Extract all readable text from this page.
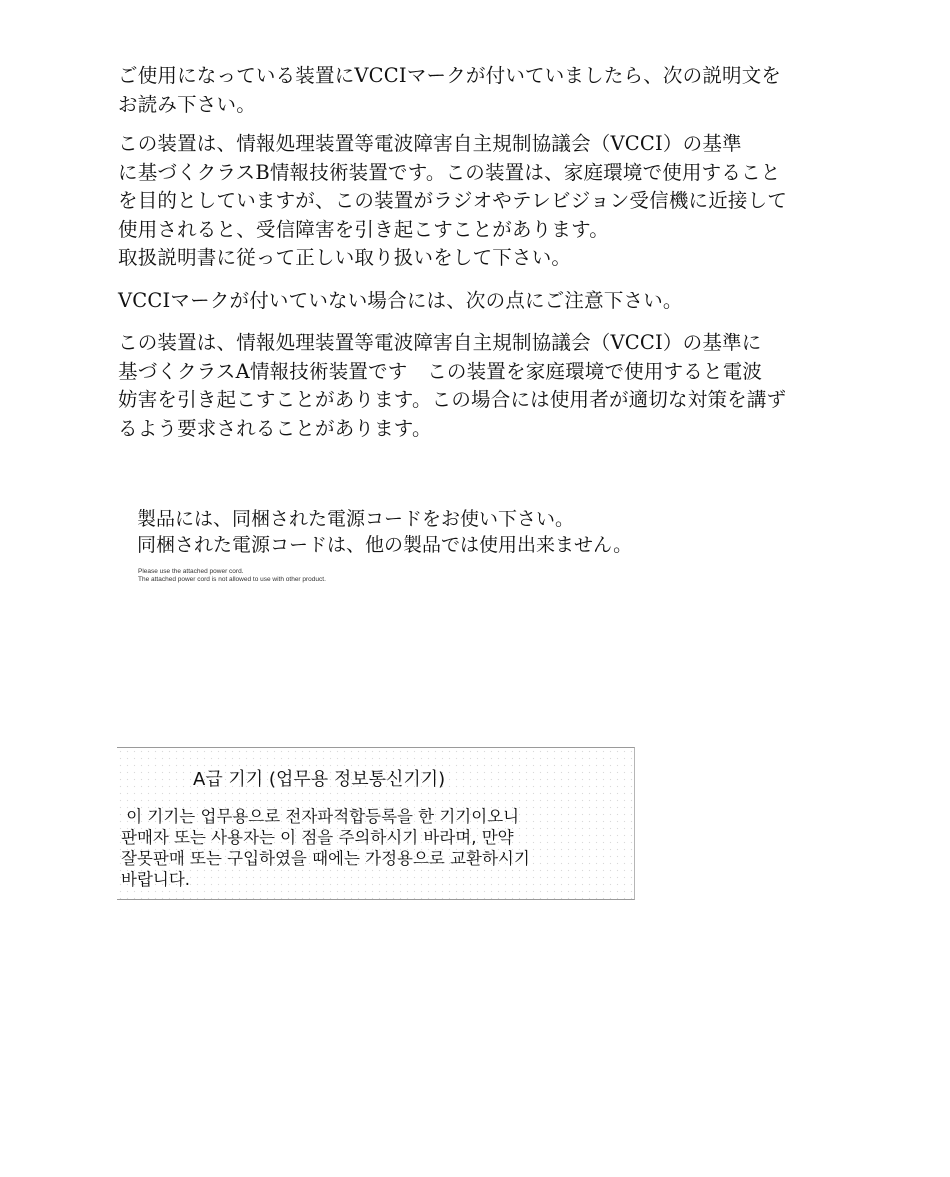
ご使用になっている装置にVCCIマークが付いていましたら、次の説明文を
お読み下さい。
この装置は、情報処理装置等電波障害自主規制協議会（VCCI）の基準
に基づくクラスB情報技術装置です。この装置は、家庭環境で使用すること
を目的としていますが、この装置がラジオやテレビジョン受信機に近接して
使用されると、受信障害を引き起こすことがあります。
取扱説明書に従って正しい取り扱いをして下さい。
VCCIマークが付いていない場合には、次の点にご注意下さい。
この装置は、情報処理装置等電波障害自主規制協議会（VCCI）の基準に
基づくクラスA情報技術装置です　この装置を家庭環境で使用すると電波
妨害を引き起こすことがあります。この場合には使用者が適切な対策を講ず
るよう要求されることがあります。
製品には、同梱された電源コードをお使い下さい。
同梱された電源コードは、他の製品では使用出来ません。
Please use the attached power cord.
The attached power cord is not allowed to use with other product.
A급 기기 (업무용 정보통신기기)
이 기기는 업무용으로 전자파적합등록을 한 기기이오니
판매자 또는 사용자는 이 점을 주의하시기 바라며, 만약
잘못판매 또는 구입하였을 때에는 가정용으로 교환하시기
바랍니다.
